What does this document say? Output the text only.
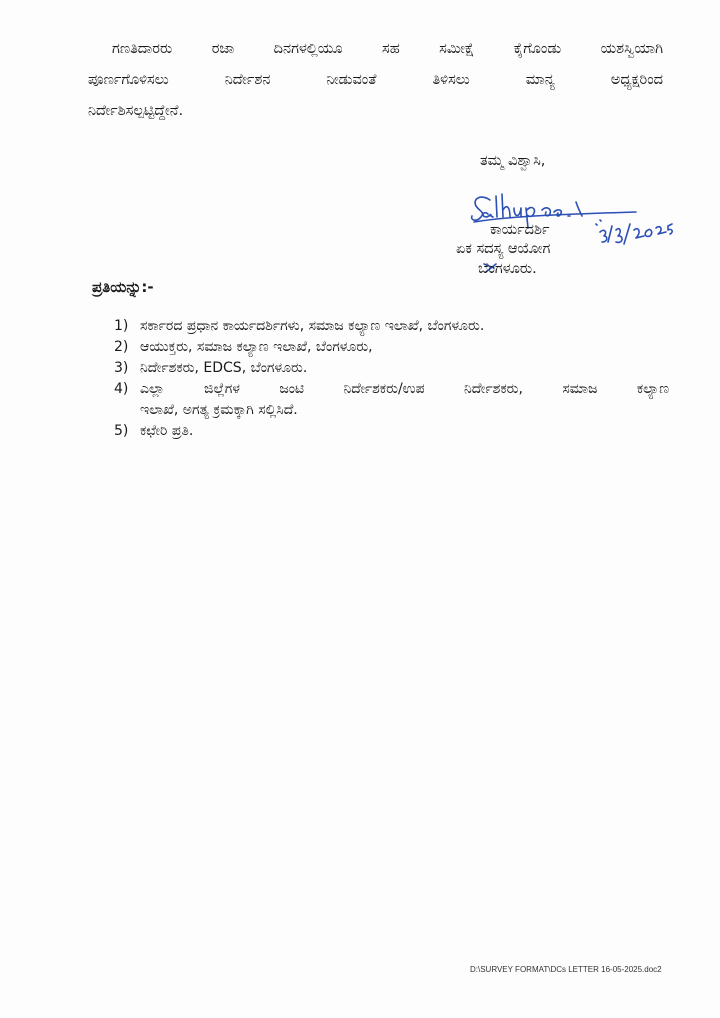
ಗಣತಿದಾರರು ರಜಾ ದಿನಗಳಲ್ಲಿಯೂ ಸಹ ಸಮೀಕ್ಷೆ ಕೈಗೊಂಡು ಯಶಸ್ವಿಯಾಗಿ
ಪೂರ್ಣಗೊಳಿಸಲು ನಿರ್ದೇಶನ ನೀಡುವಂತೆ ತಿಳಿಸಲು ಮಾನ್ಯ ಅಧ್ಯಕ್ಷರಿಂದ
ನಿರ್ದೇಶಿಸಲ್ಪಟ್ಟಿದ್ದೇನೆ.
ತಮ್ಮ ವಿಶ್ವಾಸಿ,
ಕಾರ್ಯದರ್ಶಿ
ಏಕ ಸದಸ್ಯ ಆಯೋಗ
ಬೆಂಗಳೂರು.
ಪ್ರತಿಯನ್ನು:-
1) ಸರ್ಕಾರದ ಪ್ರಧಾನ ಕಾರ್ಯದರ್ಶಿಗಳು, ಸಮಾಜ ಕಲ್ಯಾಣ ಇಲಾಖೆ, ಬೆಂಗಳೂರು.
2) ಆಯುಕ್ತರು, ಸಮಾಜ ಕಲ್ಯಾಣ ಇಲಾಖೆ, ಬೆಂಗಳೂರು,
3) ನಿರ್ದೇಶಕರು, EDCS, ಬೆಂಗಳೂರು.
4) ಎಲ್ಲಾ ಜಿಲ್ಲೆಗಳ ಜಂಟಿ ನಿರ್ದೇಶಕರು/ಉಪ ನಿರ್ದೇಶಕರು, ಸಮಾಜ ಕಲ್ಯಾಣ
ಇಲಾಖೆ, ಅಗತ್ಯ ಕ್ರಮಕ್ಕಾಗಿ ಸಲ್ಲಿಸಿದೆ.
5) ಕಛೇರಿ ಪ್ರತಿ.
D:\SURVEY FORMAT\DCs LETTER 16-05-2025.doc2
